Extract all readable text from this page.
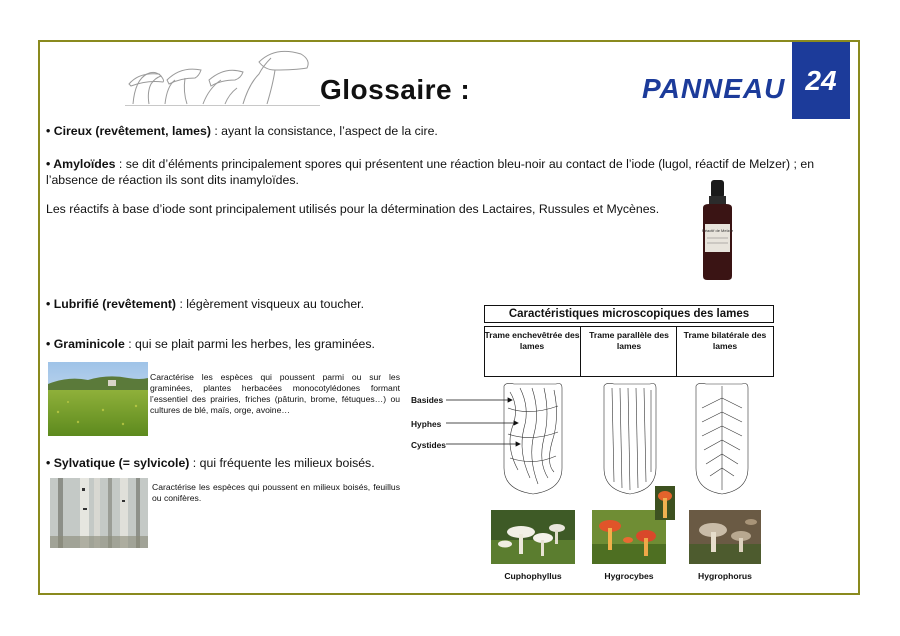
Glossaire :	PANNEAU 24
• Cireux (revêtement, lames) : ayant la consistance, l’aspect de la cire.
• Amyloïdes : se dit d’éléments principalement spores qui présentent une réaction bleu-noir au contact de l’iode (lugol, réactif de Melzer) ; en l’absence de réaction ils sont dits inamyloïdes.
Les réactifs à base d’iode sont principalement utilisés pour la détermination des Lactaires, Russules et Mycènes.
Réactif de Melzer
• Lubrifié (revêtement) : légèrement visqueux au toucher.
• Graminicole : qui se plait parmi les herbes, les graminées.
Caractérise les espèces qui poussent parmi ou sur les graminées, plantes herbacées monocotylédones formant l’essentiel des prairies, friches (pâturin, brome, fétuques…) ou cultures de blé, maïs, orge, avoine…
• Sylvatique (= sylvicole) : qui fréquente les milieux boisés.
Caractérise les espèces qui poussent en milieux boisés, feuillus ou conifères.
Caractéristiques microscopiques des lames
Trame enchevêtrée des lames
Trame parallèle des lames
Trame bilatérale des lames
Basides
Hyphes
Cystides
Cuphophyllus	Hygrocybes	Hygrophorus
